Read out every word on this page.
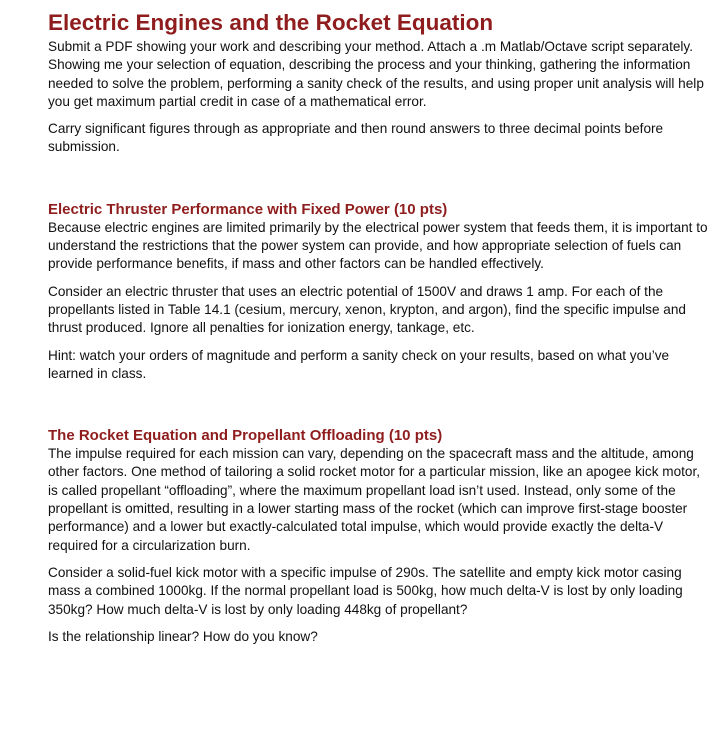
Electric Engines and the Rocket Equation

Submit a PDF showing your work and describing your method. Attach a .m Matlab/Octave script separately. Showing me your selection of equation, describing the process and your thinking, gathering the information needed to solve the problem, performing a sanity check of the results, and using proper unit analysis will help you get maximum partial credit in case of a mathematical error.

Carry significant figures through as appropriate and then round answers to three decimal points before submission.

Electric Thruster Performance with Fixed Power (10 pts)

Because electric engines are limited primarily by the electrical power system that feeds them, it is important to understand the restrictions that the power system can provide, and how appropriate selection of fuels can provide performance benefits, if mass and other factors can be handled effectively.

Consider an electric thruster that uses an electric potential of 1500V and draws 1 amp. For each of the propellants listed in Table 14.1 (cesium, mercury, xenon, krypton, and argon), find the specific impulse and thrust produced. Ignore all penalties for ionization energy, tankage, etc.

Hint: watch your orders of magnitude and perform a sanity check on your results, based on what you’ve learned in class.

The Rocket Equation and Propellant Offloading (10 pts)

The impulse required for each mission can vary, depending on the spacecraft mass and the altitude, among other factors. One method of tailoring a solid rocket motor for a particular mission, like an apogee kick motor, is called propellant “offloading”, where the maximum propellant load isn’t used. Instead, only some of the propellant is omitted, resulting in a lower starting mass of the rocket (which can improve first-stage booster performance) and a lower but exactly-calculated total impulse, which would provide exactly the delta-V required for a circularization burn.

Consider a solid-fuel kick motor with a specific impulse of 290s. The satellite and empty kick motor casing mass a combined 1000kg. If the normal propellant load is 500kg, how much delta-V is lost by only loading 350kg? How much delta-V is lost by only loading 448kg of propellant?

Is the relationship linear? How do you know?
